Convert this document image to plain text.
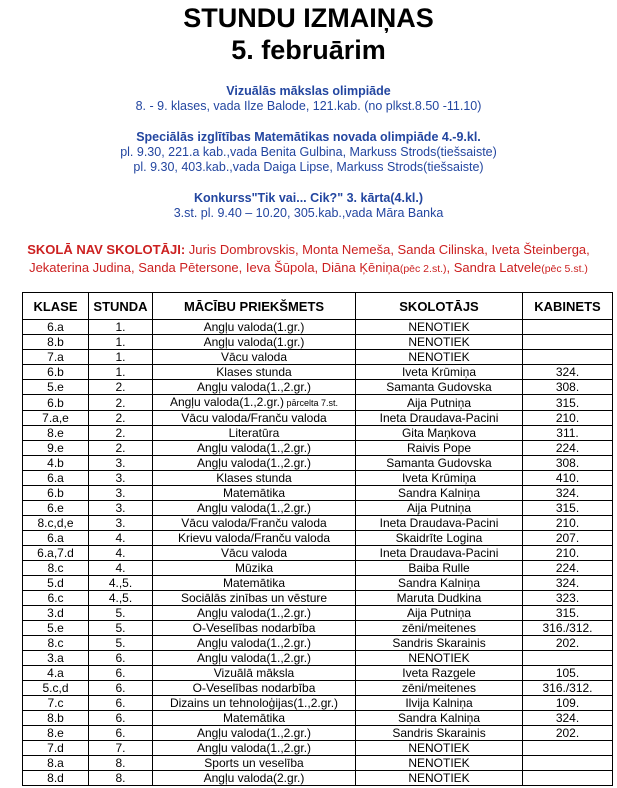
STUNDU IZMAIŅAS
5. februārim
Vizuālās mākslas olimpiāde
8. - 9. klases, vada Ilze Balode, 121.kab. (no plkst.8.50 -11.10)
Speciālās izglītības Matemātikas novada olimpiāde 4.-9.kl.
pl. 9.30, 221.a kab.,vada Benita Gulbina, Markuss Strods(tiešsaiste)
pl. 9.30, 403.kab.,vada Daiga Lipse, Markuss Strods(tiešsaiste)
Konkurss"Tik vai... Cik?" 3. kārta(4.kl.)
3.st. pl. 9.40 – 10.20, 305.kab.,vada Māra Banka

SKOLĀ NAV SKOLOTĀJI: Juris Dombrovskis, Monta Nemeša, Sanda Cilinska, Iveta Šteinberga, Jekaterina Judina, Sanda Pētersone, Ieva Šūpola, Diāna Ķēniņa(pēc 2.st.), Sandra Latvele(pēc 5.st.)

KLASE	STUNDA	MĀCĪBU PRIEKŠMETS	SKOLOTĀJS	KABINETS
6.a	1.	Angļu valoda(1.gr.)	NENOTIEK	
8.b	1.	Angļu valoda(1.gr.)	NENOTIEK	
7.a	1.	Vācu valoda	NENOTIEK	
6.b	1.	Klases stunda	Iveta Krūmiņa	324.
5.e	2.	Angļu valoda(1.,2.gr.)	Samanta Gudovska	308.
6.b	2.	Angļu valoda(1.,2.gr.) pārcelta 7.st.	Aija Putniņa	315.
7.a,e	2.	Vācu valoda/Franču valoda	Ineta Draudava-Pacini	210.
8.e	2.	Literatūra	Gita Maņkova	311.
9.e	2.	Angļu valoda(1.,2.gr.)	Raivis Pope	224.
4.b	3.	Angļu valoda(1.,2.gr.)	Samanta Gudovska	308.
6.a	3.	Klases stunda	Iveta Krūmiņa	410.
6.b	3.	Matemātika	Sandra Kalniņa	324.
6.e	3.	Angļu valoda(1.,2.gr.)	Aija Putniņa	315.
8.c,d,e	3.	Vācu valoda/Franču valoda	Ineta Draudava-Pacini	210.
6.a	4.	Krievu valoda/Franču valoda	Skaidrīte Logina	207.
6.a,7.d	4.	Vācu valoda	Ineta Draudava-Pacini	210.
8.c	4.	Mūzika	Baiba Rulle	224.
5.d	4.,5.	Matemātika	Sandra Kalniņa	324.
6.c	4.,5.	Sociālās zinības un vēsture	Maruta Dudkina	323.
3.d	5.	Angļu valoda(1.,2.gr.)	Aija Putniņa	315.
5.e	5.	O-Veselības nodarbība	zēni/meitenes	316./312.
8.c	5.	Angļu valoda(1.,2.gr.)	Sandris Skarainis	202.
3.a	6.	Angļu valoda(1.,2.gr.)	NENOTIEK	
4.a	6.	Vizuālā māksla	Iveta Razgele	105.
5.c,d	6.	O-Veselības nodarbība	zēni/meitenes	316./312.
7.c	6.	Dizains un tehnoloģijas(1.,2.gr.)	Ilvija Kalniņa	109.
8.b	6.	Matemātika	Sandra Kalniņa	324.
8.e	6.	Angļu valoda(1.,2.gr.)	Sandris Skarainis	202.
7.d	7.	Angļu valoda(1.,2.gr.)	NENOTIEK	
8.a	8.	Sports un veselība	NENOTIEK	
8.d	8.	Angļu valoda(2.gr.)	NENOTIEK	
